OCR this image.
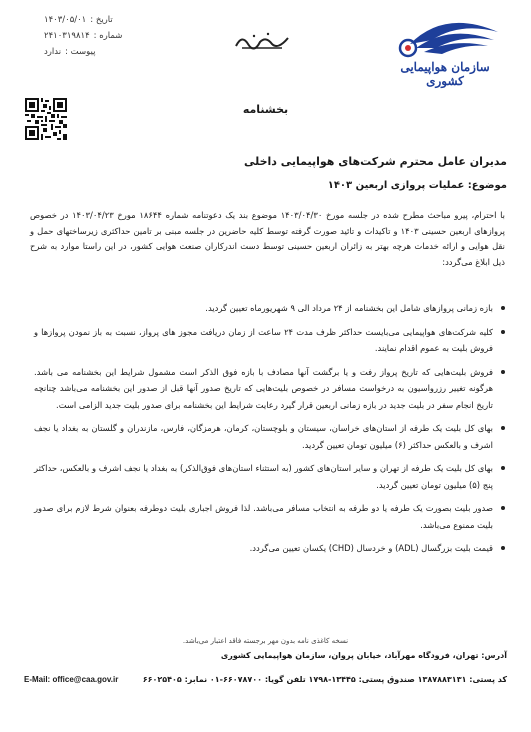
سازمان هواپیمایی کشوری
تاریخ :
۱۴۰۳/۰۵/۰۱
شماره :
۲۴۱۰۳۱۹۸۱۴
پیوست :
ندارد
بخشنامه
مدیران عامل محترم شرکت‌های هواپیمایی داخلی
موضوع: عملیات پروازی اربعین ۱۴۰۳
با احترام، پیرو مباحث مطرح شده در جلسه مورخ ۱۴۰۳/۰۴/۳۰ موضوع بند یک دعوتنامه شماره ۱۸۶۴۴ مورخ ۱۴۰۳/۰۴/۲۳ در خصوص پروازهای اربعین حسینی ۱۴۰۳ و تاکیدات و تائید صورت گرفته توسط کلیه حاضرین در جلسه مبنی بر تامین حداکثری زیرساختهای حمل و نقل هوایی و ارائه خدمات هرچه بهتر به زائران اربعین حسینی توسط دست اندرکاران صنعت هوایی کشور، در این راستا موارد به شرح ذیل ابلاغ می‌گردد:
بازه زمانی پروازهای شامل این بخشنامه از ۲۴ مرداد الی ۹ شهریورماه تعیین گردید.
کلیه شرکت‌های هواپیمایی می‌بایست حداکثر ظرف مدت ۲۴ ساعت از زمان دریافت مجوز های پرواز، نسبت به باز نمودن پروازها و فروش بلیت به عموم اقدام نمایند.
فروش بلیت‌هایی که تاریخ پرواز رفت و یا برگشت آنها مصادف با بازه فوق الذکر است مشمول شرایط این بخشنامه می باشد. هرگونه تغییر رزرواسیون به درخواست مسافر در خصوص بلیت‌هایی که تاریخ صدور آنها قبل از صدور این بخشنامه می‌باشد چنانچه تاریخ انجام سفر در بلیت جدید در بازه زمانی اربعین قرار گیرد رعایت شرایط این بخشنامه برای صدور بلیت جدید الزامی است.
بهای کل بلیت یک طرفه از استان‌های خراسان، سیستان و بلوچستان، کرمان، هرمزگان، فارس، مازندران و گلستان به بغداد یا نجف اشرف و بالعکس حداکثر (۶) میلیون تومان تعیین گردید.
بهای کل بلیت یک طرفه از تهران و سایر استان‌های کشور (به استثناء استان‌های فوق‌الذکر) به بغداد یا نجف اشرف و بالعکس، حداکثر پنج (۵) میلیون تومان تعیین گردید.
صدور بلیت بصورت یک طرفه یا دو طرفه به انتخاب مسافر می‌باشد. لذا فروش اجباری بلیت دوطرفه بعنوان شرط لازم برای صدور بلیت ممنوع می‌باشد.
قیمت بلیت بزرگسال (ADL) و خردسال (CHD) یکسان تعیین می‌گردد.
نسخه کاغذی نامه بدون مهر برجسته فاقد اعتبار می‌باشد.
آدرس: تهران، فرودگاه مهرآباد، خیابان پروان، سازمان هواپیمایی کشوری
کد پستی: ۱۳۸۷۸۸۳۱۳۱ صندوق پستی: ۱۳۴۴۵-۱۷۹۸ تلفن گویا: ۶۶۰۷۸۷۰۰-۰۱ نمابر: ۶۶۰۲۵۴۰۵
E-Mail: office@caa.gov.ir
